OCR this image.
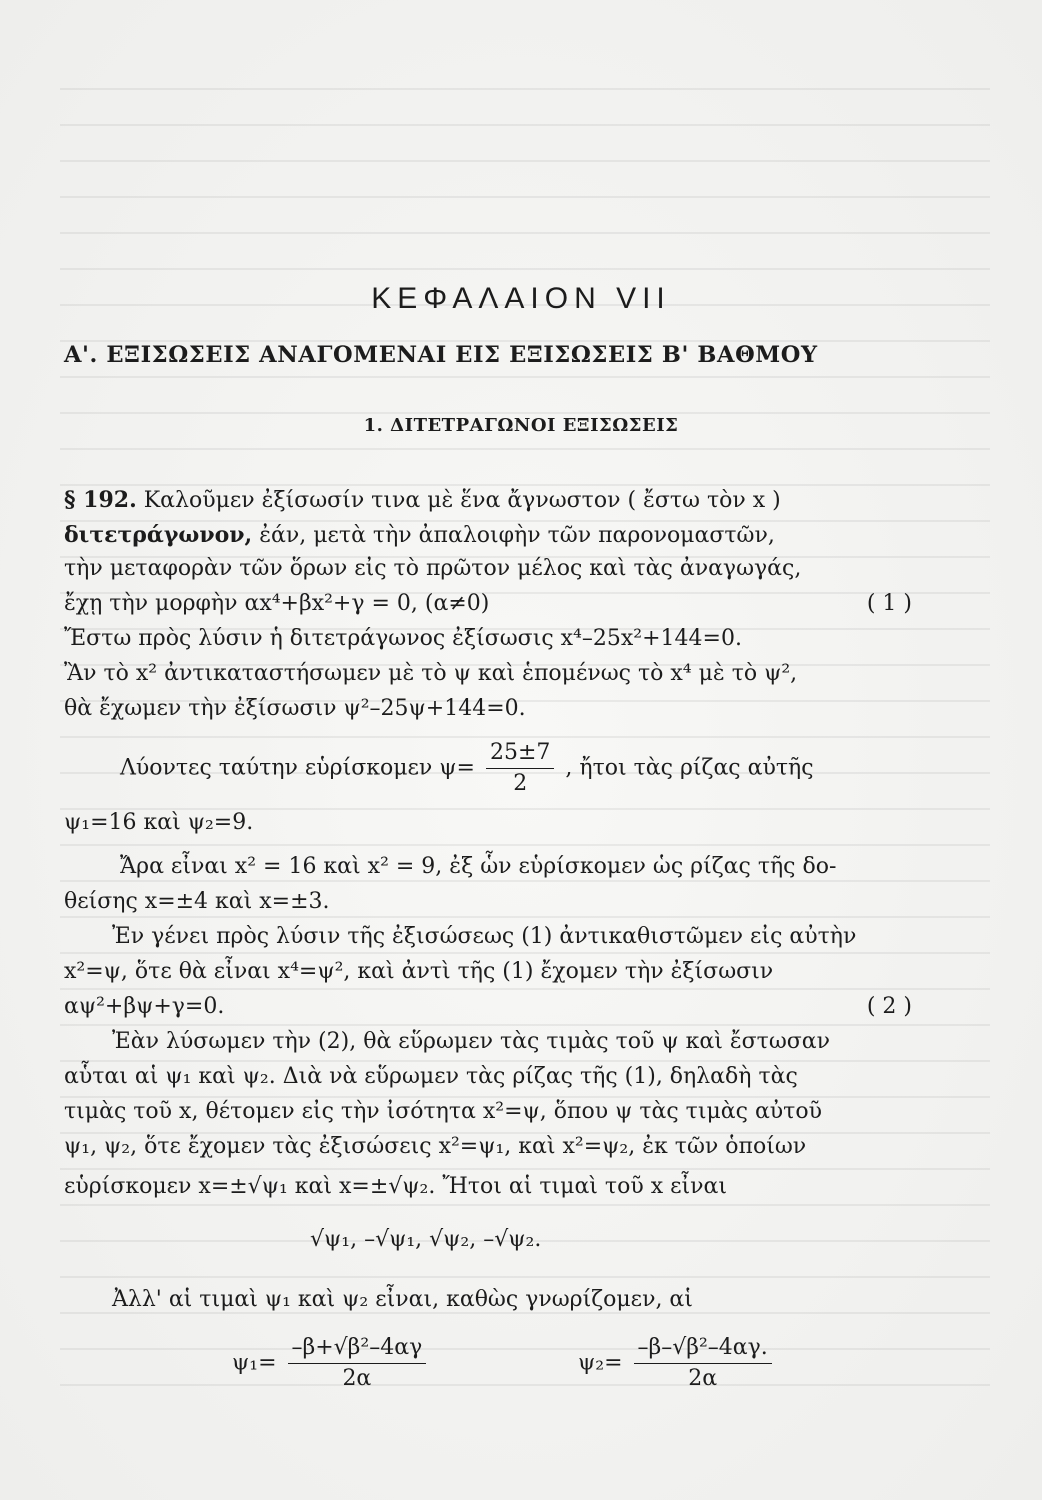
ΚΕΦΑΛΑΙΟΝ VII
Α'. ΕΞΙΣΩΣΕΙΣ ΑΝΑΓΟΜΕΝΑΙ ΕΙΣ ΕΞΙΣΩΣΕΙΣ Β' ΒΑΘΜΟΥ
1. ΔΙΤΕΤΡΑΓΩΝΟΙ ΕΞΙΣΩΣΕΙΣ
§ 192. Καλοῦμεν ἐξίσωσίν τινα μὲ ἕνα ἄγνωστον ( ἔστω τὸν x )
διτετράγωνον, ἐάν, μετὰ τὴν ἀπαλοιφὴν τῶν παρονομαστῶν,
τὴν μεταφορὰν τῶν ὅρων εἰς τὸ πρῶτον μέλος καὶ τὰς ἀναγωγάς,
ἔχῃ τὴν μορφὴν αx⁴+βx²+γ = 0, (α≠0)	( 1 )
Ἔστω πρὸς λύσιν ἡ διτετράγωνος ἐξίσωσις x⁴–25x²+144=0.
Ἂν τὸ x² ἀντικαταστήσωμεν μὲ τὸ ψ καὶ ἑπομένως τὸ x⁴ μὲ τὸ ψ²,
θὰ ἔχωμεν τὴν ἐξίσωσιν ψ²–25ψ+144=0.
Λύοντες ταύτην εὑρίσκομεν $\psi= \frac{25\pm 7}{2}$ , ἤτοι τὰς ρίζας αὐτῆς
ψ₁=16 καὶ ψ₂=9.
Ἄρα εἶναι x² = 16 καὶ x² = 9, ἐξ ὧν εὑρίσκομεν ὡς ρίζας τῆς δο-
θείσης x=±4 καὶ x=±3.
Ἐν γένει πρὸς λύσιν τῆς ἐξισώσεως (1) ἀντικαθιστῶμεν εἰς αὐτὴν
x²=ψ, ὅτε θὰ εἶναι x⁴=ψ², καὶ ἀντὶ τῆς (1) ἔχομεν τὴν ἐξίσωσιν
αψ²+βψ+γ=0.	( 2 )
Ἐὰν λύσωμεν τὴν (2), θὰ εὕρωμεν τὰς τιμὰς τοῦ ψ καὶ ἔστωσαν
αὗται αἱ ψ₁ καὶ ψ₂. Διὰ νὰ εὕρωμεν τὰς ρίζας τῆς (1), δηλαδὴ τὰς
τιμὰς τοῦ x, θέτομεν εἰς τὴν ἰσότητα x²=ψ, ὅπου ψ τὰς τιμὰς αὐτοῦ
ψ₁, ψ₂, ὅτε ἔχομεν τὰς ἐξισώσεις x²=ψ₁, καὶ x²=ψ₂, ἐκ τῶν ὁποίων
εὑρίσκομεν x=±√ψ₁ καὶ x=±√ψ₂. Ἤτοι αἱ τιμαὶ τοῦ x εἶναι
√ψ₁, –√ψ₁, √ψ₂, –√ψ₂.
Ἀλλ' αἱ τιμαὶ ψ₁ καὶ ψ₂ εἶναι, καθὼς γνωρίζομεν, αἱ
$\psi_1= \frac{\text{–β+√β²–4αγ}}{2\alpha}$	$\psi_2= \frac{\text{–β–√β²–4αγ.}}{2\alpha}$
